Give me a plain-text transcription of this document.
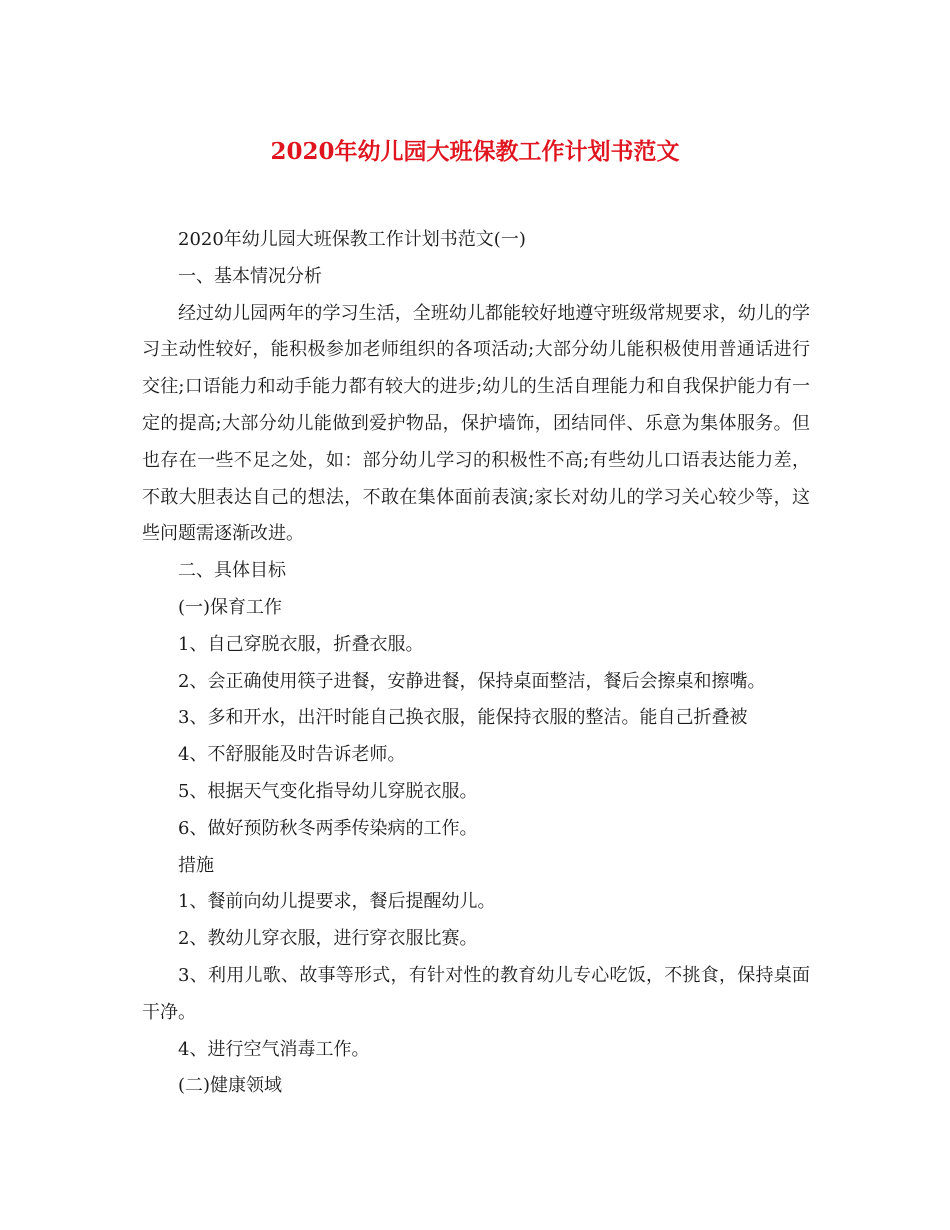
2020年幼儿园大班保教工作计划书范文

2020年幼儿园大班保教工作计划书范文(一)

一、基本情况分析

经过幼儿园两年的学习生活，全班幼儿都能较好地遵守班级常规要求，幼儿的学习主动性较好，能积极参加老师组织的各项活动;大部分幼儿能积极使用普通话进行交往;口语能力和动手能力都有较大的进步;幼儿的生活自理能力和自我保护能力有一定的提高;大部分幼儿能做到爱护物品，保护墙饰，团结同伴、乐意为集体服务。但也存在一些不足之处，如：部分幼儿学习的积极性不高;有些幼儿口语表达能力差，不敢大胆表达自己的想法，不敢在集体面前表演;家长对幼儿的学习关心较少等，这些问题需逐渐改进。

二、具体目标

(一)保育工作

1、自己穿脱衣服，折叠衣服。

2、会正确使用筷子进餐，安静进餐，保持桌面整洁，餐后会擦桌和擦嘴。

3、多和开水，出汗时能自己换衣服，能保持衣服的整洁。能自己折叠被

4、不舒服能及时告诉老师。

5、根据天气变化指导幼儿穿脱衣服。

6、做好预防秋冬两季传染病的工作。

措施

1、餐前向幼儿提要求，餐后提醒幼儿。

2、教幼儿穿衣服，进行穿衣服比赛。

3、利用儿歌、故事等形式，有针对性的教育幼儿专心吃饭，不挑食，保持桌面干净。

4、进行空气消毒工作。

(二)健康领域
